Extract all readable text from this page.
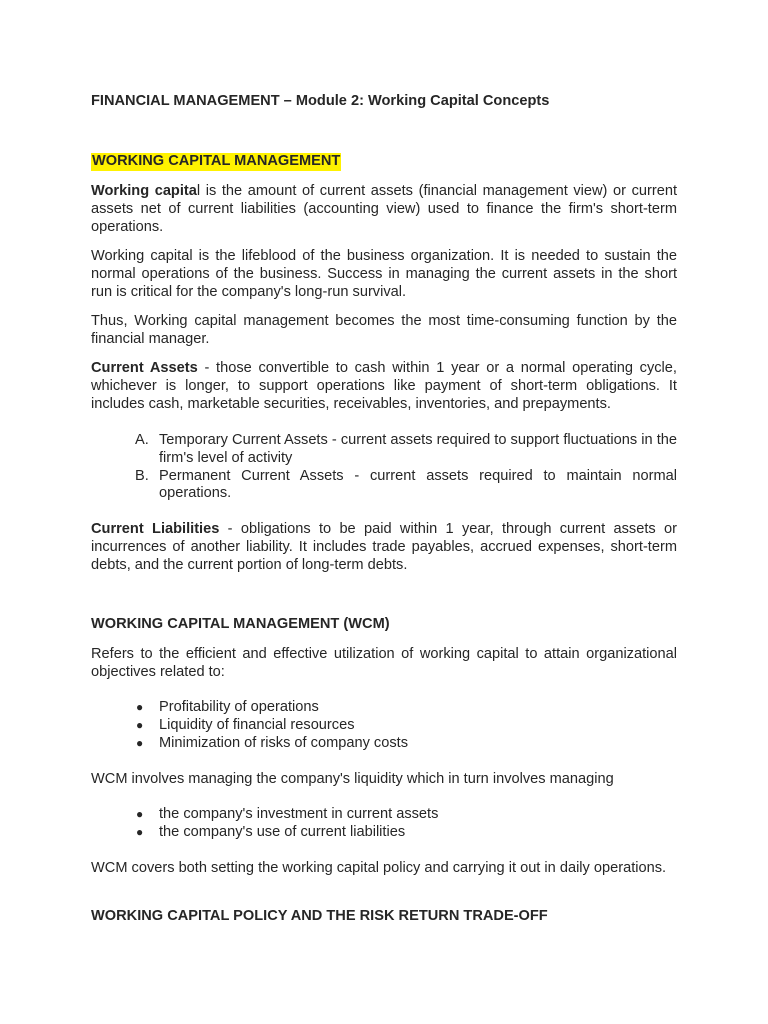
FINANCIAL MANAGEMENT – Module 2: Working Capital Concepts
WORKING CAPITAL MANAGEMENT

Working capital is the amount of current assets (financial management view) or current assets net of current liabilities (accounting view) used to finance the firm's short-term operations.

Working capital is the lifeblood of the business organization. It is needed to sustain the normal operations of the business. Success in managing the current assets in the short run is critical for the company's long-run survival.

Thus, Working capital management becomes the most time-consuming function by the financial manager.

Current Assets - those convertible to cash within 1 year or a normal operating cycle, whichever is longer, to support operations like payment of short-term obligations. It includes cash, marketable securities, receivables, inventories, and prepayments.

A. Temporary Current Assets - current assets required to support fluctuations in the firm's level of activity
B. Permanent Current Assets - current assets required to maintain normal operations.

Current Liabilities - obligations to be paid within 1 year, through current assets or incurrences of another liability. It includes trade payables, accrued expenses, short-term debts, and the current portion of long-term debts.

WORKING CAPITAL MANAGEMENT (WCM)

Refers to the efficient and effective utilization of working capital to attain organizational objectives related to:

● Profitability of operations
● Liquidity of financial resources
● Minimization of risks of company costs

WCM involves managing the company's liquidity which in turn involves managing

● the company's investment in current assets
● the company's use of current liabilities

WCM covers both setting the working capital policy and carrying it out in daily operations.

WORKING CAPITAL POLICY AND THE RISK RETURN TRADE-OFF
